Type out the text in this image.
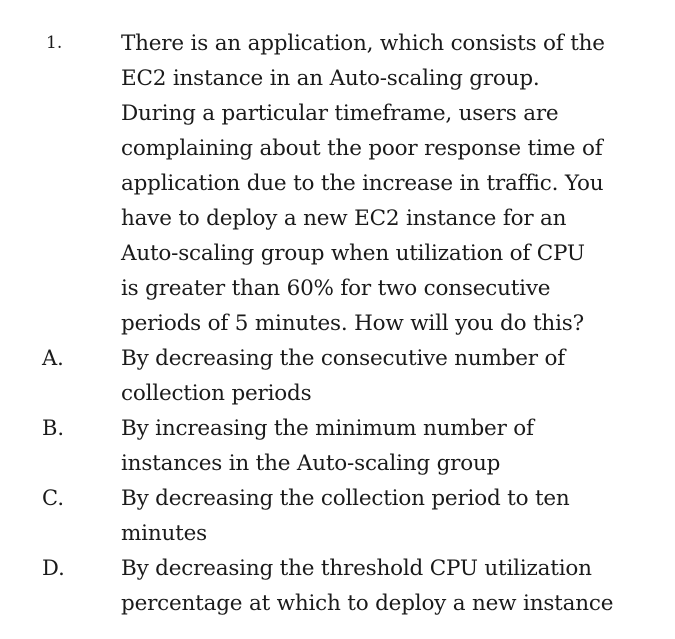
1.	There is an application, which consists of the
EC2 instance in an Auto-scaling group.
During a particular timeframe, users are
complaining about the poor response time of
application due to the increase in traffic. You
have to deploy a new EC2 instance for an
Auto-scaling group when utilization of CPU
is greater than 60% for two consecutive
periods of 5 minutes. How will you do this?
A.	By decreasing the consecutive number of
collection periods
B.	By increasing the minimum number of
instances in the Auto-scaling group
C.	By decreasing the collection period to ten
minutes
D.	By decreasing the threshold CPU utilization
percentage at which to deploy a new instance
